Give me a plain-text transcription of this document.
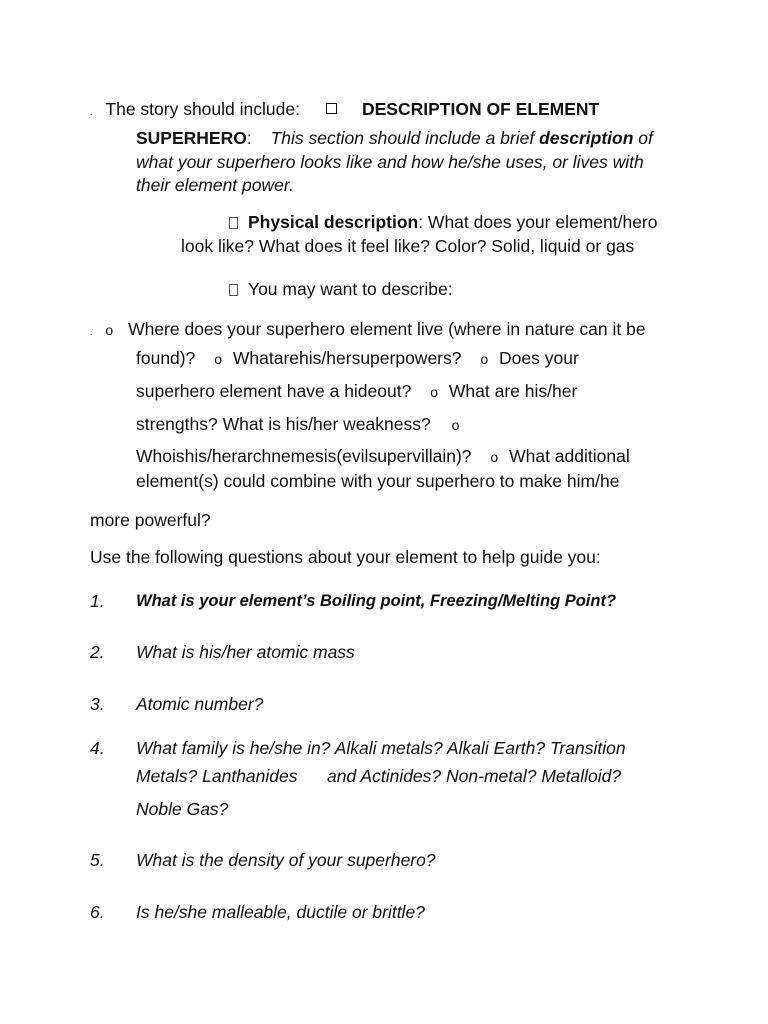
. The story should include:	DESCRIPTION OF ELEMENT
SUPERHERO: This section should include a brief description of
what your superhero looks like and how he/she uses, or lives with
their element power.
Physical description: What does your element/hero
look like? What does it feel like? Color? Solid, liquid or gas
You may want to describe:
. o Where does your superhero element live (where in nature can it be
found)? o Whatarehis/hersuperpowers? o Does your
superhero element have a hideout? o What are his/her
strengths? What is his/her weakness? o
Whoishis/herarchnemesis(evilsupervillain)? o What additional
element(s) could combine with your superhero to make him/he
more powerful?
Use the following questions about your element to help guide you:
1. What is your element’s Boiling point, Freezing/Melting Point?
2. What is his/her atomic mass
3. Atomic number?
4. What family is he/she in? Alkali metals? Alkali Earth? Transition
Metals? Lanthanides and Actinides? Non-metal? Metalloid?
Noble Gas?
5. What is the density of your superhero?
6. Is he/she malleable, ductile or brittle?
